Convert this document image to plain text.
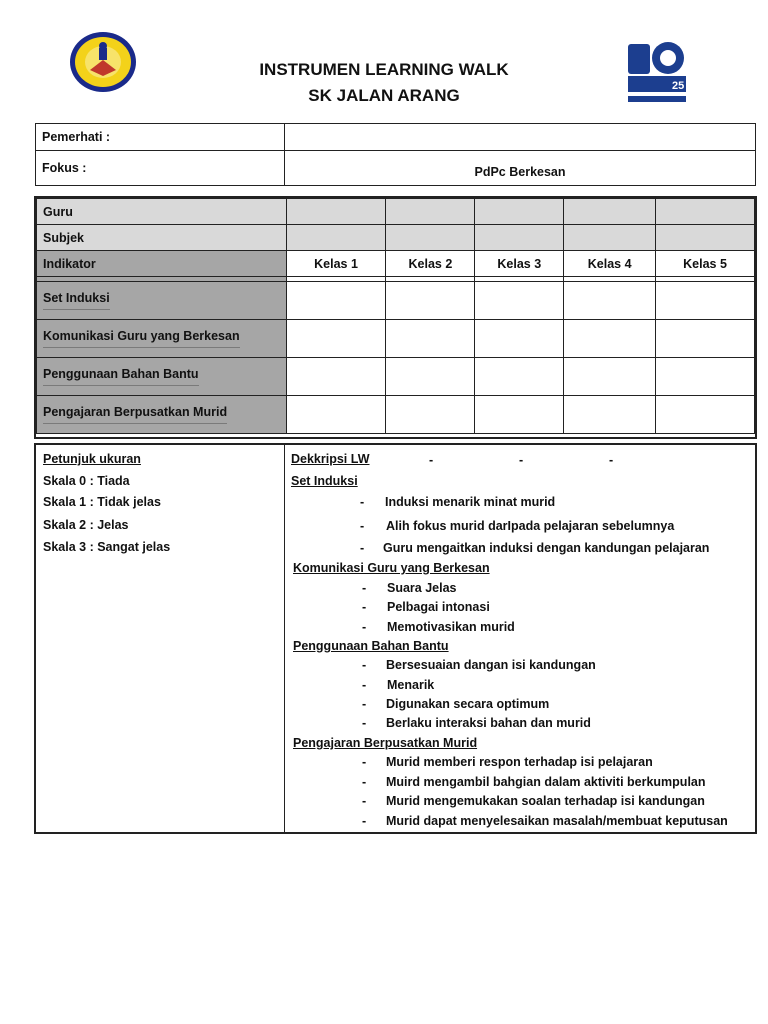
25
INSTRUMEN LEARNING WALK
SK JALAN ARANG
Pemerhati :	
Fokus :	PdPc Berkesan
Guru					
Subjek					
Indikator	Kelas 1	Kelas 2	Kelas 3	Kelas 4	Kelas 5

Set Induksi					
Komunikasi Guru yang Berkesan					
Penggunaan Bahan Bantu					
Pengajaran Berpusatkan Murid					
Petunjuk ukuran
Skala 0 : Tiada
Skala 1 : Tidak jelas
Skala 2 : Jelas
Skala 3 : Sangat jelas
Dekkripsi LW	-	-	-
Set Induksi
- Induksi menarik minat murid
- Alih fokus murid darIpada pelajaran sebelumnya
- Guru mengaitkan induksi dengan kandungan pelajaran
Komunikasi Guru yang Berkesan
- Suara Jelas
- Pelbagai intonasi
- Memotivasikan murid
Penggunaan Bahan Bantu
- Bersesuaian dangan isi kandungan
- Menarik
- Digunakan secara optimum
- Berlaku interaksi bahan dan murid
Pengajaran Berpusatkan Murid
- Murid memberi respon terhadap isi pelajaran
- Muird mengambil bahgian dalam aktiviti berkumpulan
- Murid mengemukakan soalan terhadap isi kandungan
- Murid dapat menyelesaikan masalah/membuat keputusan
